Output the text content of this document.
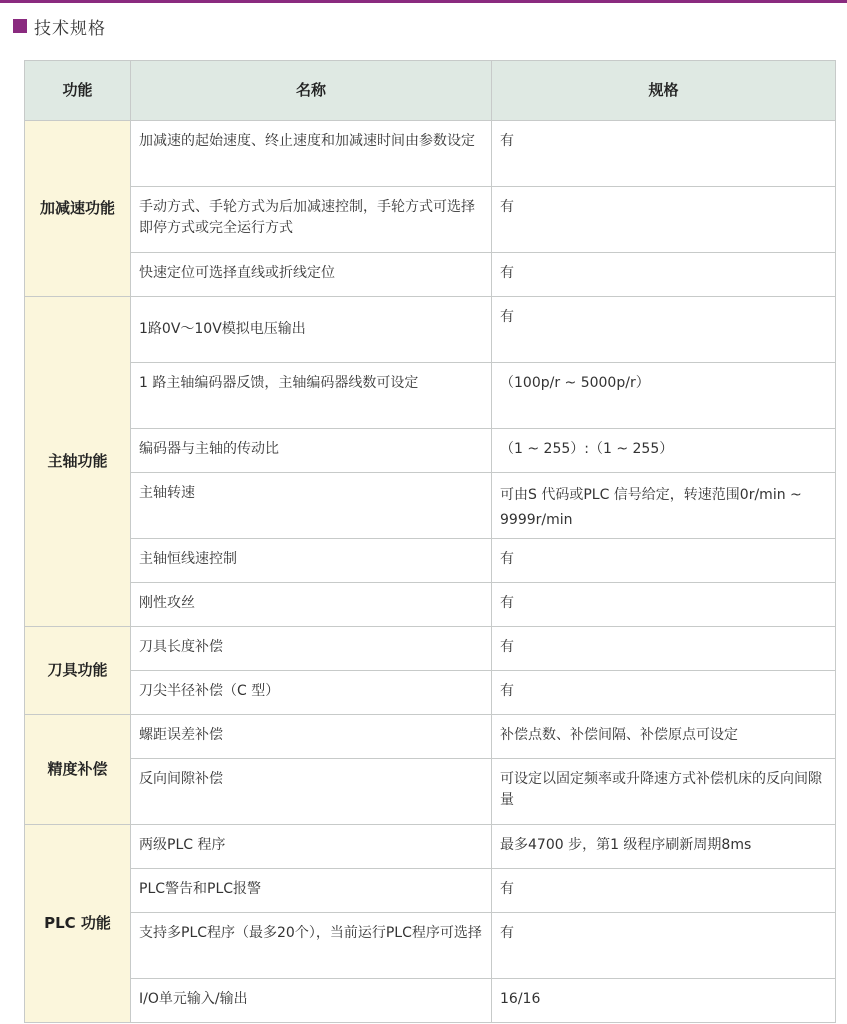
技术规格
功能	名称	规格
加减速功能	加减速的起始速度、终止速度和加减速时间由参数设定	有
	手动方式、手轮方式为后加减速控制，手轮方式可选择即停方式或完全运行方式	有
	快速定位可选择直线或折线定位	有
主轴功能	1路0V～10V模拟电压输出	有
	1 路主轴编码器反馈，主轴编码器线数可设定	（100p/r ~ 5000p/r）
	编码器与主轴的传动比	（1 ~ 255）:（1 ~ 255）
	主轴转速	可由S 代码或PLC 信号给定，转速范围0r/min ~ 9999r/min
	主轴恒线速控制	有
	刚性攻丝	有
刀具功能	刀具长度补偿	有
	刀尖半径补偿（C 型）	有
精度补偿	螺距误差补偿	补偿点数、补偿间隔、补偿原点可设定
	反向间隙补偿	可设定以固定频率或升降速方式补偿机床的反向间隙量
PLC 功能	两级PLC 程序	最多4700 步，第1 级程序刷新周期8ms
	PLC警告和PLC报警	有
	支持多PLC程序（最多20个），当前运行PLC程序可选择	有
	I/O单元输入/输出	16/16
